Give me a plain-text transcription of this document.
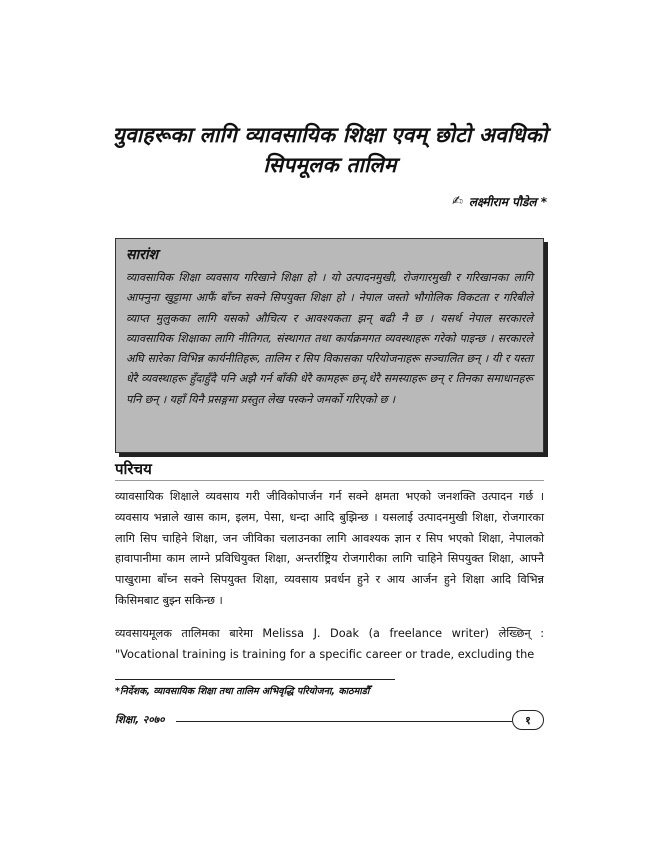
युवाहरूका लागि व्यावसायिक शिक्षा एवम् छोटो अवधिको
सिपमूलक तालिम
✍ लक्ष्मीराम पौडेल *
सारांश
व्यावसायिक शिक्षा व्यवसाय गरिखाने शिक्षा हो । यो उत्पादनमुखी, रोजगारमुखी र गरिखानका लागि आफ्नुना खुट्टामा आफैं बाँच्न सक्ने सिपयुक्त शिक्षा हो । नेपाल जस्तो भौगोलिक विकटता र गरिबीले व्याप्त मुलुकका लागि यसको औचित्य र आवश्यकता झन् बढी नै छ । यसर्थ नेपाल सरकारले व्यावसायिक शिक्षाका लागि नीतिगत, संस्थागत तथा कार्यक्रमगत व्यवस्थाहरू गरेको पाइन्छ । सरकारले अघि सारेका विभिन्न कार्यनीतिहरू, तालिम र सिप विकासका परियोजनाहरू सञ्चालित छन् । यी र यस्ता धेरै व्यवस्थाहरू हुँदाहुँदै पनि अझै गर्न बाँकी धेरै कामहरू छन्,धेरै समस्याहरू छन् र तिनका समाधानहरू पनि छन् । यहाँ यिनै प्रसङ्गमा प्रस्तुत लेख पस्कने जमर्को गरिएको छ ।
परिचय
व्यावसायिक शिक्षाले व्यवसाय गरी जीविकोपार्जन गर्न सक्ने क्षमता भएको जनशक्ति उत्पादन गर्छ । व्यवसाय भन्नाले खास काम, इलम, पेसा, धन्दा आदि बुझिन्छ । यसलाई उत्पादनमुखी शिक्षा, रोजगारका लागि सिप चाहिने शिक्षा, जन जीविका चलाउनका लागि आवश्यक ज्ञान र सिप भएको शिक्षा, नेपालको हावापानीमा काम लाग्ने प्रविधियुक्त शिक्षा, अन्तर्राष्ट्रिय रोजगारीका लागि चाहिने सिपयुक्त शिक्षा, आफ्नै पाखुरामा बाँच्न सक्ने सिपयुक्त शिक्षा, व्यवसाय प्रवर्धन हुने र आय आर्जन हुने शिक्षा आदि विभिन्न किसिमबाट बुझ्न सकिन्छ ।
व्यवसायमूलक तालिमका बारेमा Melissa J. Doak (a freelance writer) लेख्छिन् : "Vocational training is training for a specific career or trade, excluding the
*निर्देशक, व्यावसायिक शिक्षा तथा तालिम अभिवृद्धि परियोजना, काठमाडौँ
शिक्षा, २०७०	१
